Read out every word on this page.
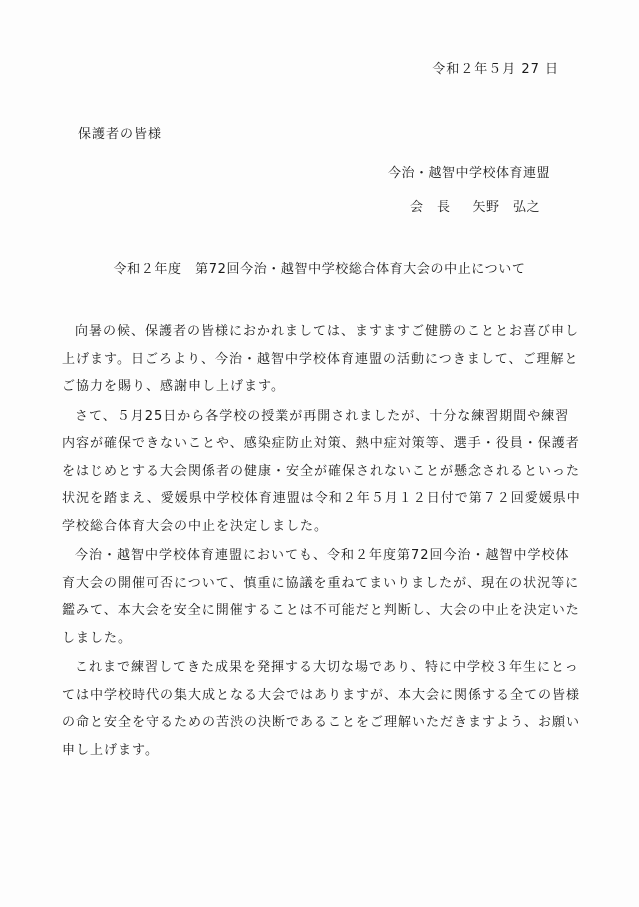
令和２年５月 27 日
保護者の皆様
今治・越智中学校体育連盟
会　長 矢野　弘之
令和２年度　第72回今治・越智中学校総合体育大会の中止について

向暑の候、保護者の皆様におかれましては、ますますご健勝のこととお喜び申し上げます。日ごろより、今治・越智中学校体育連盟の活動につきまして、ご理解とご協力を賜り、感謝申し上げます。

さて、５月25日から各学校の授業が再開されましたが、十分な練習期間や練習内容が確保できないことや、感染症防止対策、熱中症対策等、選手・役員・保護者をはじめとする大会関係者の健康・安全が確保されないことが懸念されるといった状況を踏まえ、愛媛県中学校体育連盟は令和２年５月１２日付で第７２回愛媛県中学校総合体育大会の中止を決定しました。

今治・越智中学校体育連盟においても、令和２年度第72回今治・越智中学校体育大会の開催可否について、慎重に協議を重ねてまいりましたが、現在の状況等に鑑みて、本大会を安全に開催することは不可能だと判断し、大会の中止を決定いたしました。

これまで練習してきた成果を発揮する大切な場であり、特に中学校３年生にとっては中学校時代の集大成となる大会ではありますが、本大会に関係する全ての皆様の命と安全を守るための苦渋の決断であることをご理解いただきますよう、お願い申し上げます。
